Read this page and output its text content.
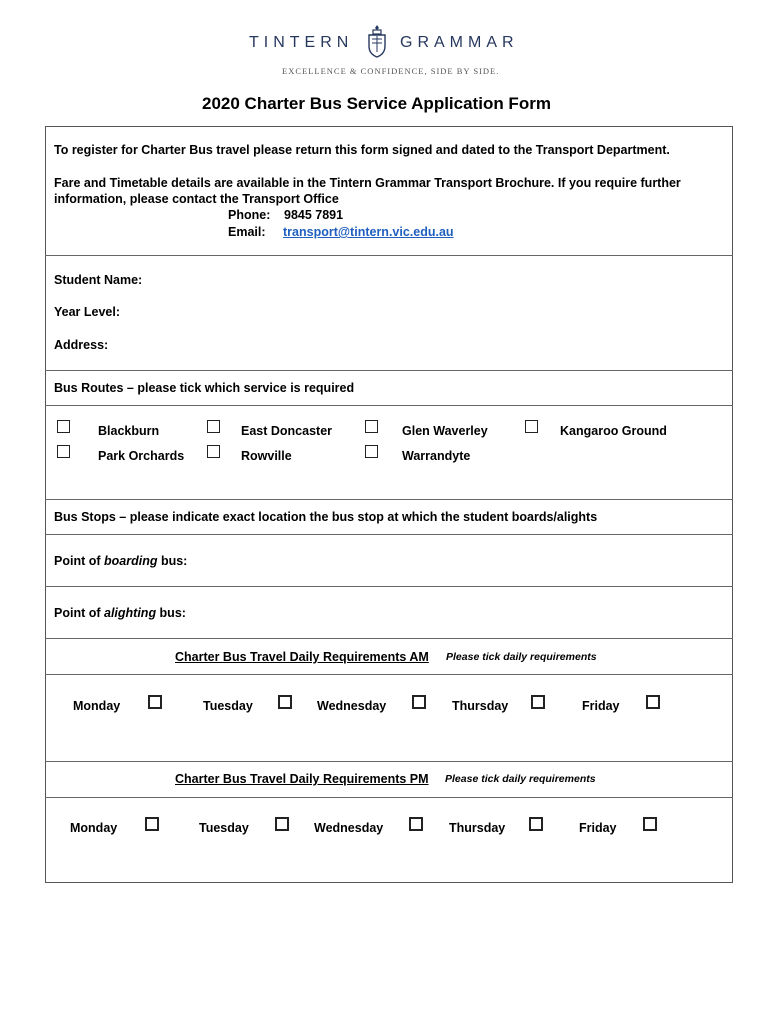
TINTERN	GRAMMAR
EXCELLENCE & CONFIDENCE, SIDE BY SIDE.
2020 Charter Bus Service Application Form
To register for Charter Bus travel please return this form signed and dated to the Transport Department.
Fare and Timetable details are available in the Tintern Grammar Transport Brochure. If you require further
information, please contact the Transport Office
Phone: 9845 7891
Email: transport@tintern.vic.edu.au
Student Name:
Year Level:
Address:
Bus Routes – please tick which service is required
Blackburn	East Doncaster	Glen Waverley	Kangaroo Ground
Park Orchards	Rowville	Warrandyte
Bus Stops – please indicate exact location the bus stop at which the student boards/alights
Point of boarding bus:
Point of alighting bus:
Charter Bus Travel Daily Requirements AM Please tick daily requirements
Monday	Tuesday	Wednesday	Thursday	Friday
Charter Bus Travel Daily Requirements PM Please tick daily requirements
Monday	Tuesday	Wednesday	Thursday	Friday
